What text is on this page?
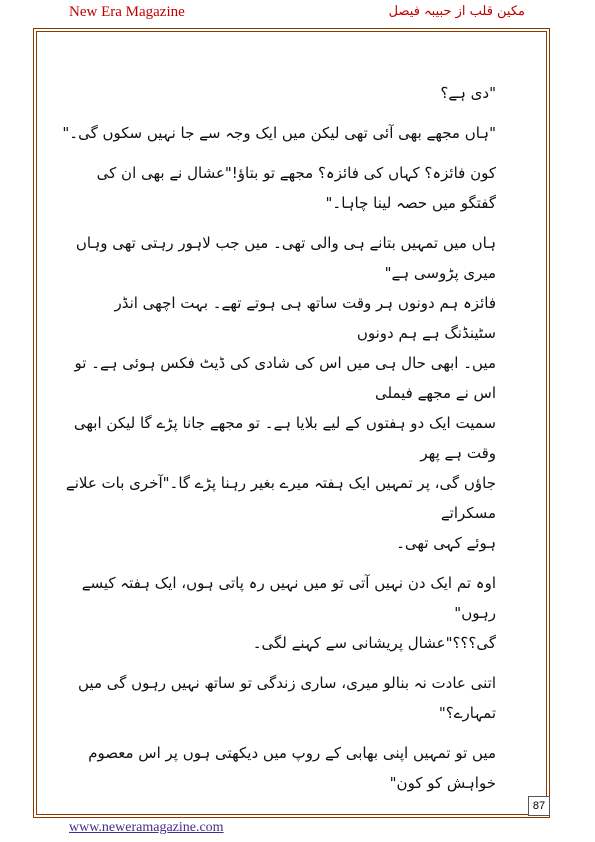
New Era Magazine	مکین قلب از حبیبہ فیصل

"دی ہے؟

"ہاں مجھے بھی آئی تھی لیکن میں ایک وجہ سے جا نہیں سکوں گی۔"

کون فائزہ؟ کہاں کی فائزہ؟ مجھے تو بتاؤ!"عشال نے بھی ان کی گفتگو میں حصہ لینا چاہا۔"

ہاں میں تمہیں بتانے ہی والی تھی۔ میں جب لاہور رہتی تھی وہاں میری پڑوسی ہے"

فائزہ ہم دونوں ہر وقت ساتھ ہی ہوتے تھے۔ بہت اچھی انڈر سٹینڈنگ ہے ہم دونوں

میں۔ ابھی حال ہی میں اس کی شادی کی ڈیٹ فکس ہوئی ہے۔ تو اس نے مجھے فیملی

سمیت ایک دو ہفتوں کے لیے بلایا ہے۔ تو مجھے جانا پڑے گا لیکن ابھی وقت ہے پھر

جاؤں گی، پر تمہیں ایک ہفتہ میرے بغیر رہنا پڑے گا۔"آخری بات علانے مسکراتے

ہوئے کہی تھی۔

اوہ تم ایک دن نہیں آتی تو میں نہیں رہ پاتی ہوں، ایک ہفتہ کیسے رہوں"

گی؟؟؟"عشال پریشانی سے کہنے لگی۔

اتنی عادت نہ بنالو میری، ساری زندگی تو ساتھ نہیں رہوں گی میں تمہارے؟"

میں تو تمہیں اپنی بھابی کے روپ میں دیکھتی ہوں پر اس معصوم خواہش کو کون"

87
www.neweramagazine.com
